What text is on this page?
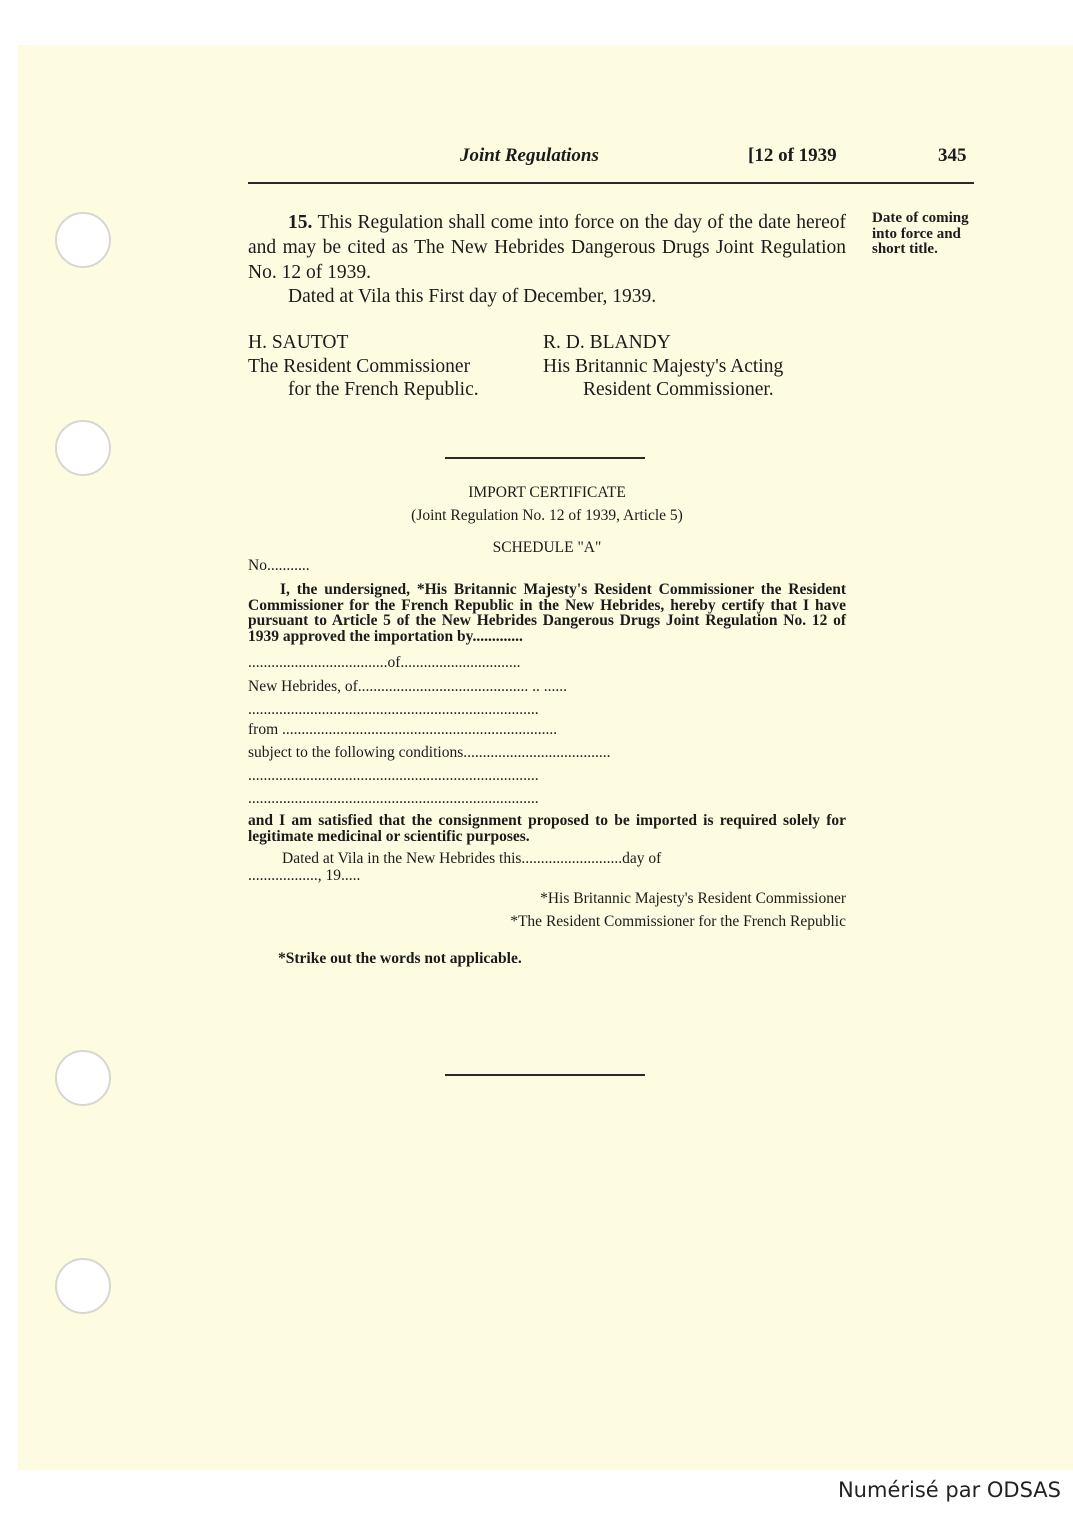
Joint Regulations	[12 of 1939	345
15. This Regulation shall come into force on the day of the date hereof and may be cited as The New Hebrides Dangerous Drugs Joint Regulation No. 12 of 1939.
Date of coming into force and short title.
Dated at Vila this First day of December, 1939.
H. SAUTOT
The Resident Commissioner
for the French Republic.
R. D. BLANDY
His Britannic Majesty's Acting
Resident Commissioner.
IMPORT CERTIFICATE
(Joint Regulation No. 12 of 1939, Article 5)
SCHEDULE "A"
No...........
I, the undersigned, *His Britannic Majesty's Resident Commissioner the Resident Commissioner for the French Republic in the New Hebrides, hereby certify that I have pursuant to Article 5 of the New Hebrides Dangerous Drugs Joint Regulation No. 12 of 1939 approved the importation by.............
....................................of...............................
New Hebrides, of............................................ .. ......
...........................................................................
from .......................................................................
subject to the following conditions......................................
...........................................................................
...........................................................................
and I am satisfied that the consignment proposed to be imported is required solely for legitimate medicinal or scientific purposes.
Dated at Vila in the New Hebrides this..........................day of
.................., 19.....
*His Britannic Majesty's Resident Commissioner
*The Resident Commissioner for the French Republic
*Strike out the words not applicable.
Numérisé par ODSAS
